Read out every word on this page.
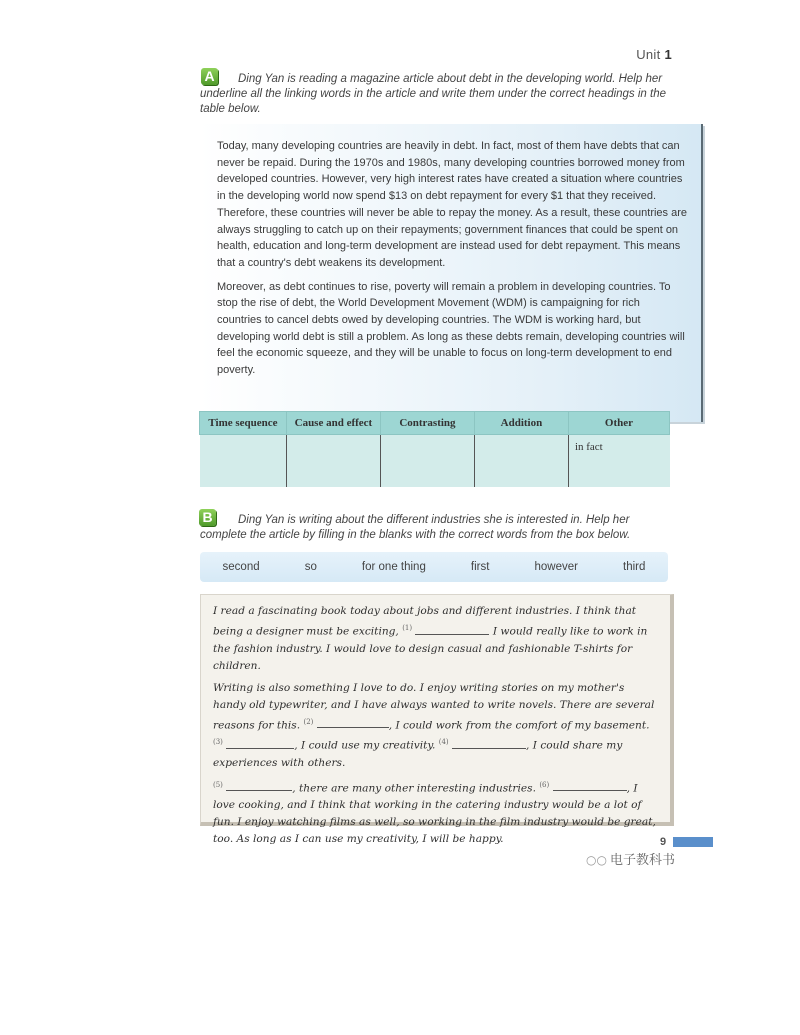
Unit 1
A	Ding Yan is reading a magazine article about debt in the developing world. Help her underline all the linking words in the article and write them under the correct headings in the table below.

Today, many developing countries are heavily in debt. In fact, most of them have debts that can never be repaid. During the 1970s and 1980s, many developing countries borrowed money from developed countries. However, very high interest rates have created a situation where countries in the developing world now spend $13 on debt repayment for every $1 that they received. Therefore, these countries will never be able to repay the money. As a result, these countries are always struggling to catch up on their repayments; government finances that could be spent on health, education and long-term development are instead used for debt repayment. This means that a country's debt weakens its development.

Moreover, as debt continues to rise, poverty will remain a problem in developing countries. To stop the rise of debt, the World Development Movement (WDM) is campaigning for rich countries to cancel debts owed by developing countries. The WDM is working hard, but developing world debt is still a problem. As long as these debts remain, developing countries will feel the economic squeeze, and they will be unable to focus on long-term development to end poverty.

Time sequence	Cause and effect	Contrasting	Addition	Other
				in fact
B	Ding Yan is writing about the different industries she is interested in. Help her complete the article by filling in the blanks with the correct words from the box below.
second	so	for one thing	first	however	third

I read a fascinating book today about jobs and different industries. I think that being a designer must be exciting, $^{(1)}$	I would really like to work in the fashion industry. I would love to design casual and fashionable T-shirts for children.

Writing is also something I love to do. I enjoy writing stories on my mother's handy old typewriter, and I have always wanted to write novels. There are several reasons for this. $^{(2)}$	, I could work from the comfort of my basement. $^{(3)}$	, I could use my creativity. $^{(4)}$	, I could share my experiences with others.

$^{(5)}$	, there are many other interesting industries. $^{(6)}$	, I love cooking, and I think that working in the catering industry would be a lot of fun. I enjoy watching films as well, so working in the film industry would be great, too. As long as I can use my creativity, I will be happy.	9
○○ 电子教科书
